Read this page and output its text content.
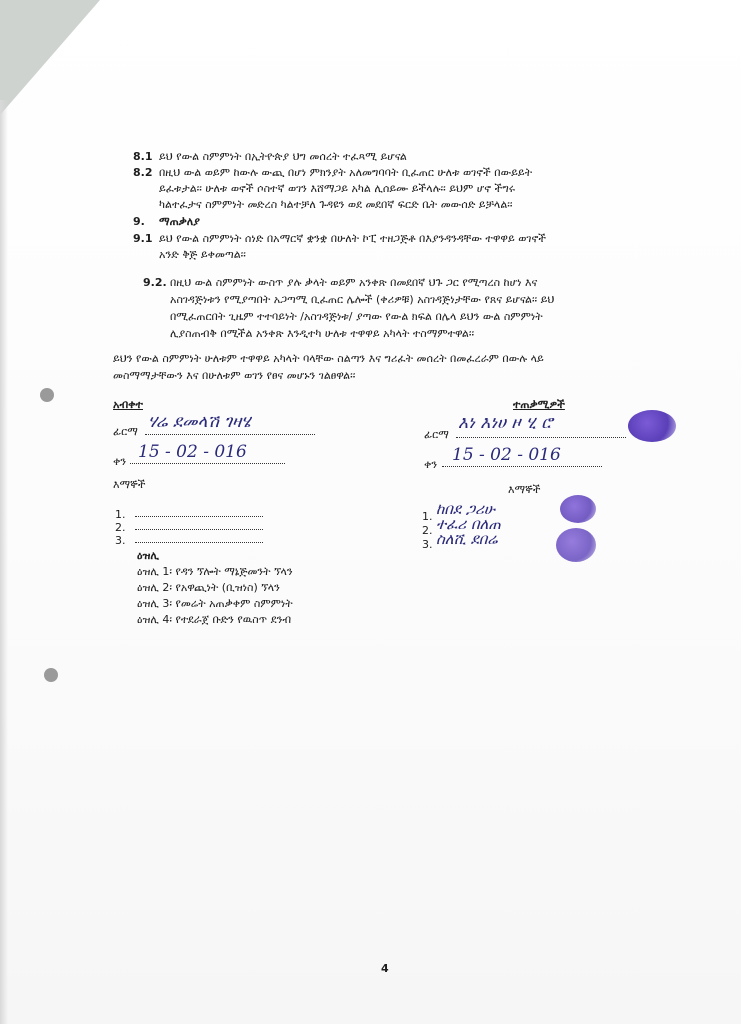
8.1 ይህ የውል ስምምነት በኢትዮጵያ ህግ መሰረት ተፈጻሚ ይሆናል

8.2 በዚህ ውል ወይም ከውሉ ውጪ በሆነ ምክንያት አለመግባባት ቢፈጠር ሁለቱ ወገኖች በውይይት

ይፈቱታል፡፡ ሁለቱ ወኖች ሶስተኛ ወገን እሸማጋይ አካል ሊሰይሙ ይችላሉ፡፡ ይህም ሆኖ ችግሩ

ካልተፈታና ስምምነት መድረስ ካልተቻለ ጉዳዩን ወደ መደበኛ ፍርድ ቤት መውሰድ ይቻላል፡፡

9. ማጠቃለያ

9.1 ይህ የውል ስምምነት ሰነድ በአማርኛ ቋንቋ በሁለት ኮፒ ተዘጋጅቶ በእያንዳንዳቸው ተዋዋይ ወገኖች

አንድ ቅጅ ይቀመጣል፡፡

9.2. በዚህ ውል ስምምነት ውስጥ ያሉ ቃላት ወይም አንቀጽ በመደበኛ ህጉ ጋር የሚጣረስ ከሆነ እና

አስገዳጅነቱን የሚያጣበት አጋጣሚ ቢፈጠር ሌሎች (ቀሪዎቹ) አስገዳጅነታቸው የጸና ይሆናል፡፡ ይህ

በሚፈጠርበት ጊዜም ተተባይነት /አስገዳጅነቱ/ ያጣው የውል ክፍል በሌላ ይህን ውል ስምምነት

ሊያስጠብቅ በሚችል አንቀጽ እንዲተካ ሁለቱ ተዋዋይ አካላት ተስማምተዋል፡፡

ይህን የውል ስምምነት ሁለቱም ተዋዋይ አካላት ባላቸው ስልጣን እና ግሪፈት መሰረት በመፈረራም በውሉ ላይ

መስማማታቸውን እና በሁለቱም ወገን የፀና መሆኑን ገልፀዋል፡፡

አብቀተ

ፊርማ ሃሬ ደመላሽ ገዛሄ

ቀን 15 - 02 - 016

እማኞች

1.
2.
3.

ዕዝሊ

ዕዝሊ 1፡ የዳን ኘሎት ማኔጅመንት ኘላን

ዕዝሊ 2፡ የአዋጪነት (ቢዝነስ) ኘላን

ዕዝሊ 3፡ የመሬት አጠቃቀም ስምምነት

ዕዝሊ 4፡ የተደራጀ ቡድን የዉስጥ ደንብ

ተጠቃሚዎች

ፊርማ

እነ እነሀ ዞ ሂ ሮ

ቀን 15 - 02 - 016

እማኞች

1. ከበደ ጋሪሁ
2. ተፈሪ በለጠ
3. ስለሺ ደበሬ

4
